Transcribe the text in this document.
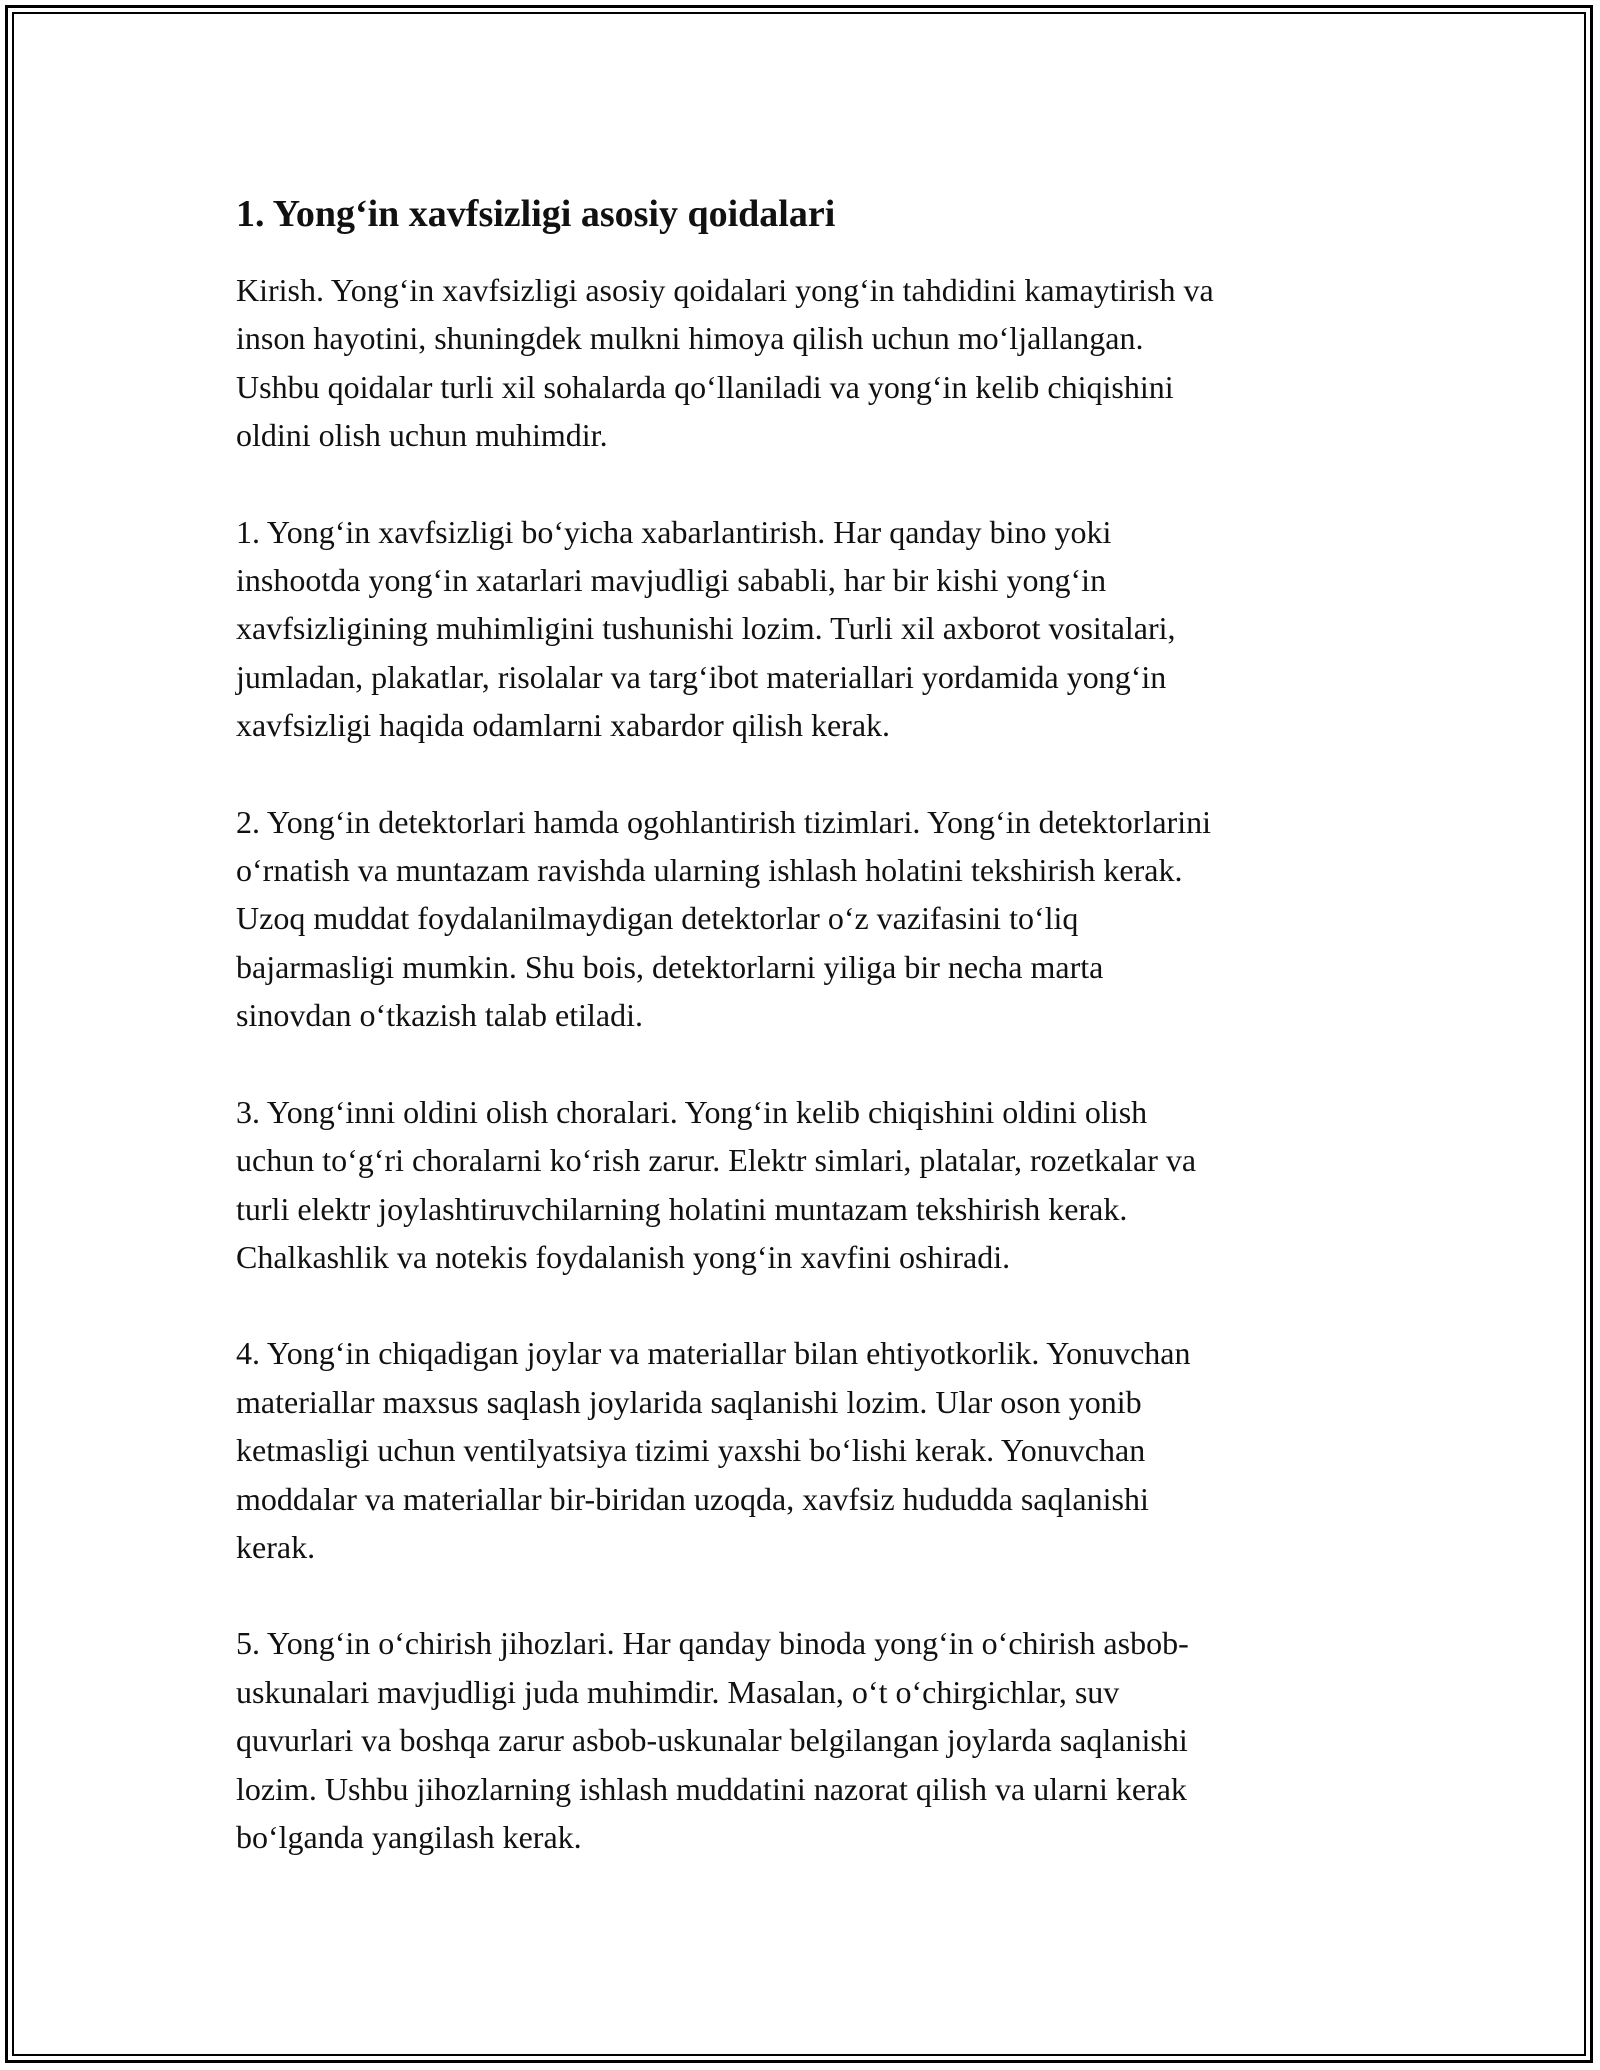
1. Yong‘in xavfsizligi asosiy qoidalari

Kirish. Yong‘in xavfsizligi asosiy qoidalari yong‘in tahdidini kamaytirish va
inson hayotini, shuningdek mulkni himoya qilish uchun mo‘ljallangan.
Ushbu qoidalar turli xil sohalarda qo‘llaniladi va yong‘in kelib chiqishini
oldini olish uchun muhimdir.

1. Yong‘in xavfsizligi bo‘yicha xabarlantirish. Har qanday bino yoki
inshootda yong‘in xatarlari mavjudligi sababli, har bir kishi yong‘in
xavfsizligining muhimligini tushunishi lozim. Turli xil axborot vositalari,
jumladan, plakatlar, risolalar va targ‘ibot materiallari yordamida yong‘in
xavfsizligi haqida odamlarni xabardor qilish kerak.

2. Yong‘in detektorlari hamda ogohlantirish tizimlari. Yong‘in detektorlarini
o‘rnatish va muntazam ravishda ularning ishlash holatini tekshirish kerak.
Uzoq muddat foydalanilmaydigan detektorlar o‘z vazifasini to‘liq
bajarmasligi mumkin. Shu bois, detektorlarni yiliga bir necha marta
sinovdan o‘tkazish talab etiladi.

3. Yong‘inni oldini olish choralari. Yong‘in kelib chiqishini oldini olish
uchun to‘g‘ri choralarni ko‘rish zarur. Elektr simlari, platalar, rozetkalar va
turli elektr joylashtiruvchilarning holatini muntazam tekshirish kerak.
Chalkashlik va notekis foydalanish yong‘in xavfini oshiradi.

4. Yong‘in chiqadigan joylar va materiallar bilan ehtiyotkorlik. Yonuvchan
materiallar maxsus saqlash joylarida saqlanishi lozim. Ular oson yonib
ketmasligi uchun ventilyatsiya tizimi yaxshi bo‘lishi kerak. Yonuvchan
moddalar va materiallar bir-biridan uzoqda, xavfsiz hududda saqlanishi
kerak.

5. Yong‘in o‘chirish jihozlari. Har qanday binoda yong‘in o‘chirish asbob-
uskunalari mavjudligi juda muhimdir. Masalan, o‘t o‘chirgichlar, suv
quvurlari va boshqa zarur asbob-uskunalar belgilangan joylarda saqlanishi
lozim. Ushbu jihozlarning ishlash muddatini nazorat qilish va ularni kerak
bo‘lganda yangilash kerak.
